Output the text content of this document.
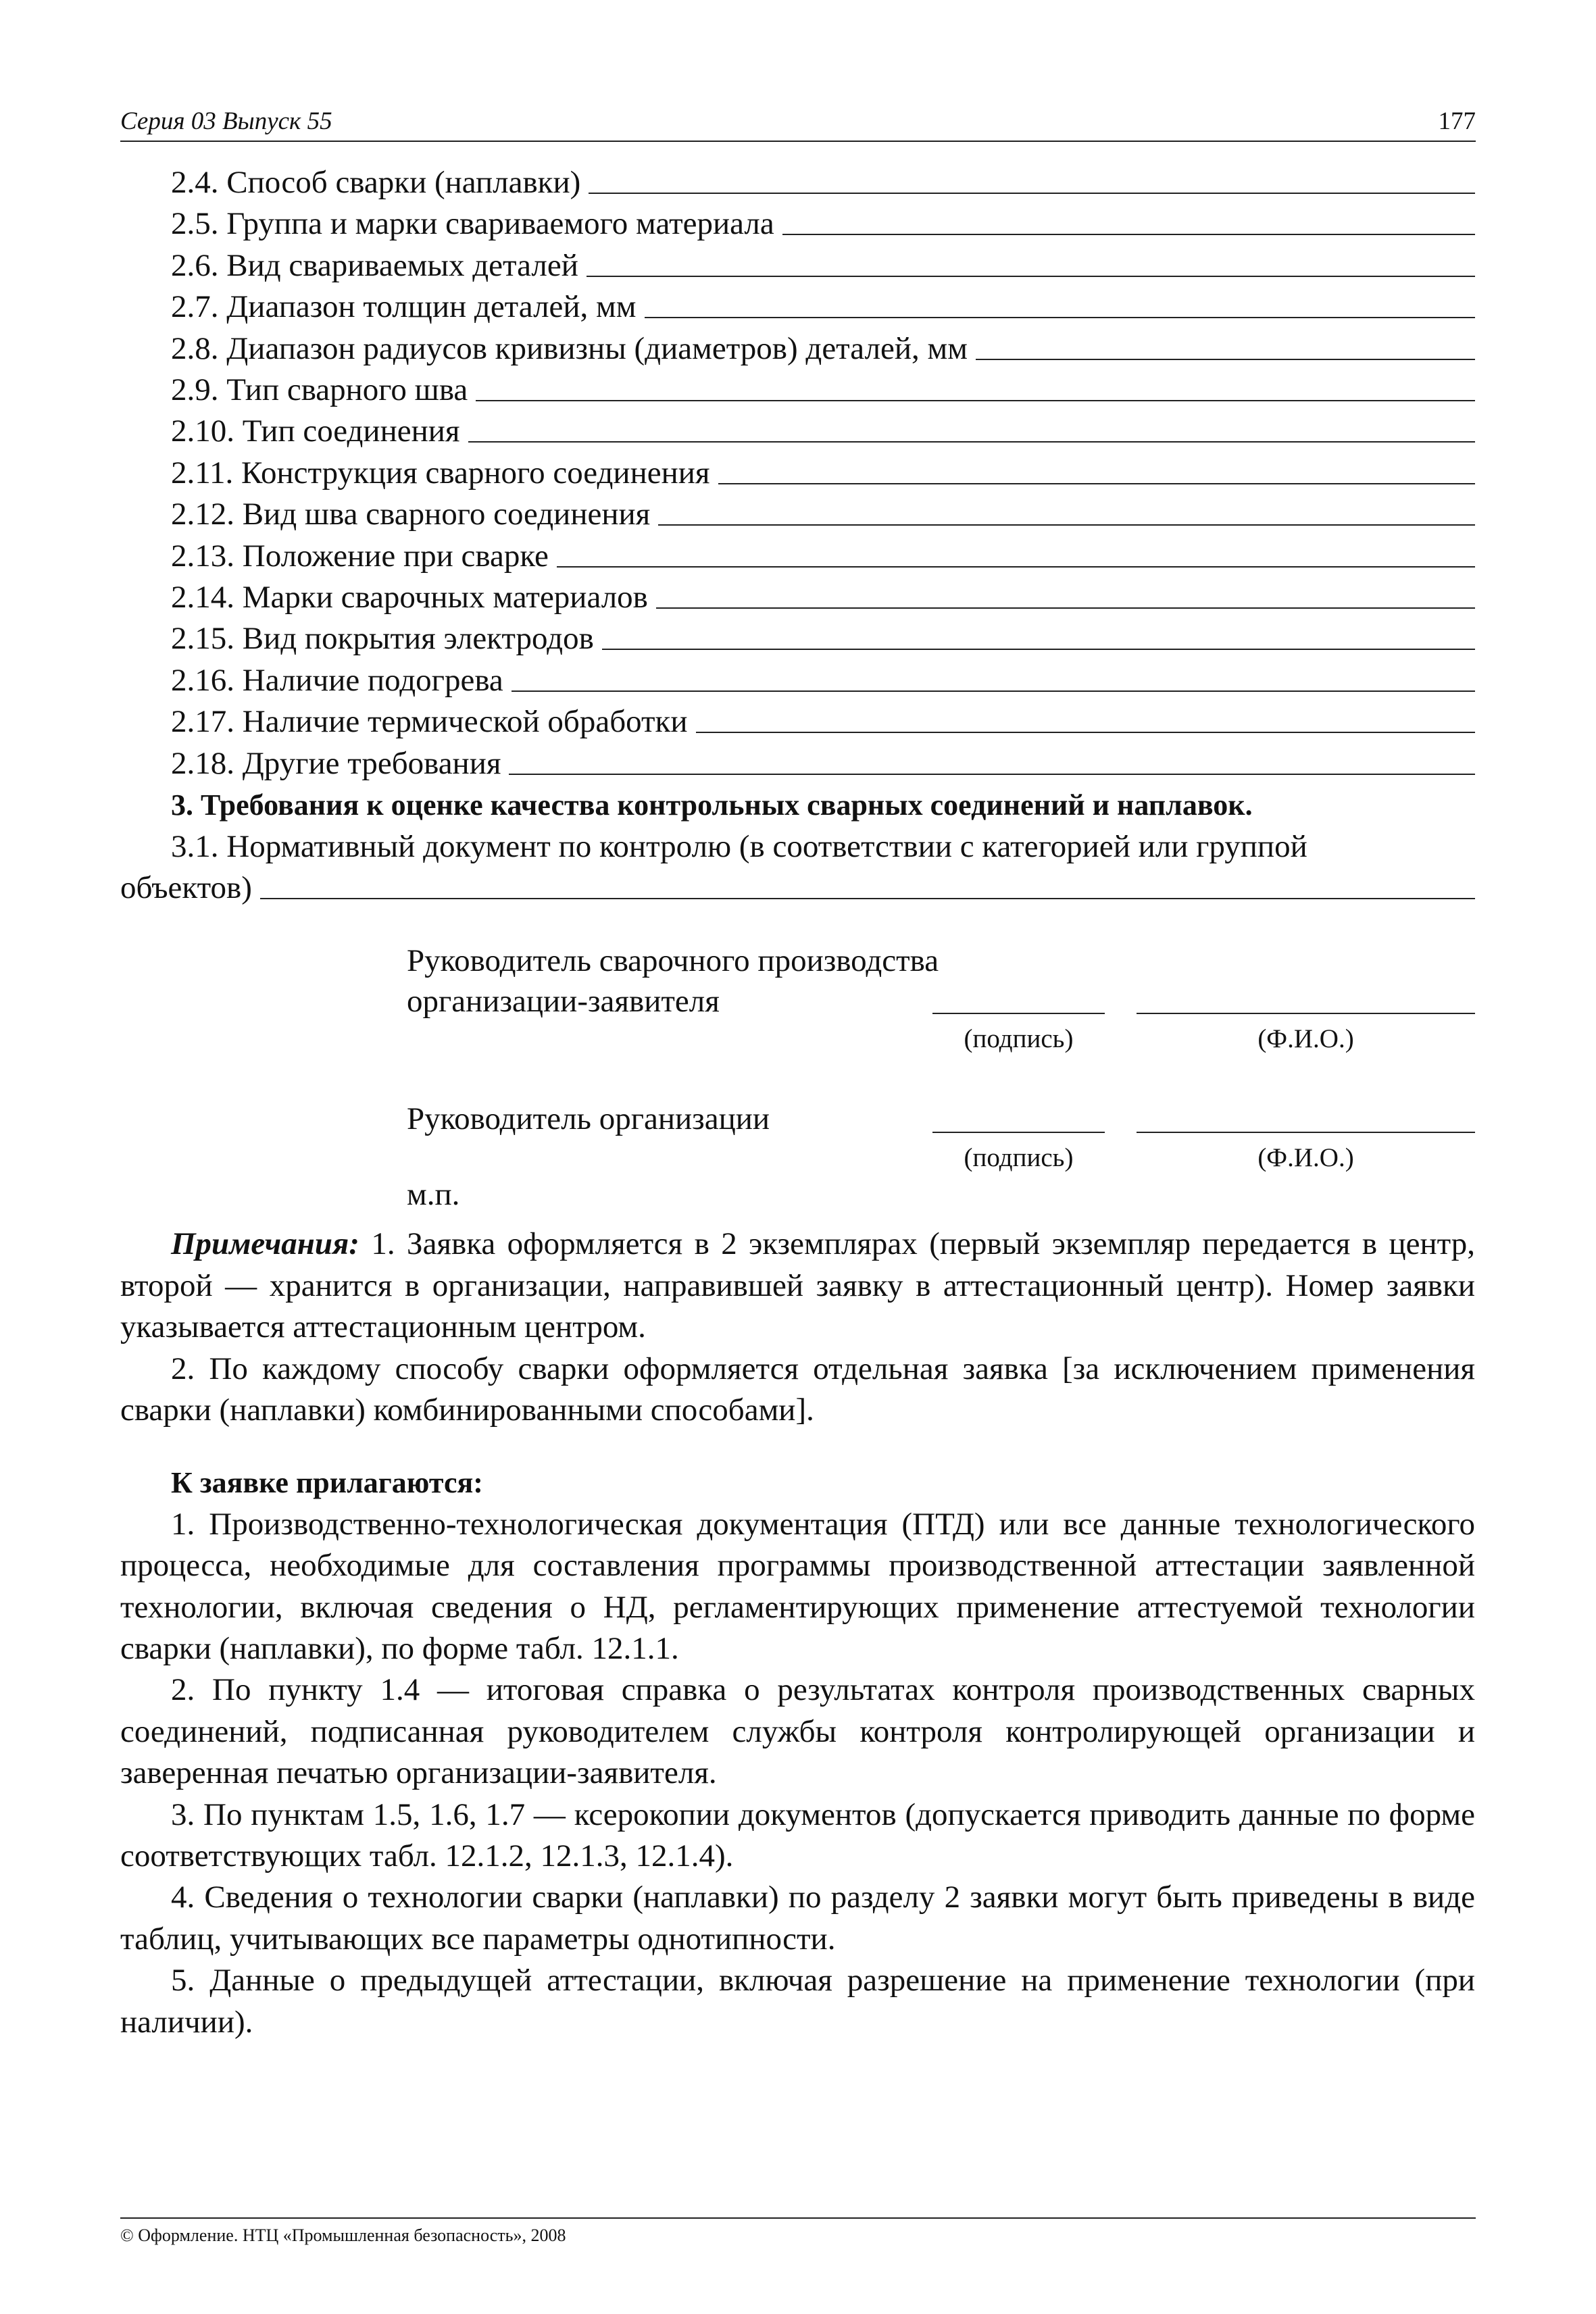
Серия 03 Выпуск 55	177
2.4. Способ сварки (наплавки)
2.5. Группа и марки свариваемого материала
2.6. Вид свариваемых деталей
2.7. Диапазон толщин деталей, мм
2.8. Диапазон радиусов кривизны (диаметров) деталей, мм
2.9. Тип сварного шва
2.10. Тип соединения
2.11. Конструкция сварного соединения
2.12. Вид шва сварного соединения
2.13. Положение при сварке
2.14. Марки сварочных материалов
2.15. Вид покрытия электродов
2.16. Наличие подогрева
2.17. Наличие термической обработки
2.18. Другие требования
3. Требования к оценке качества контрольных сварных соединений и наплавок.
3.1. Нормативный документ по контролю (в соответствии с категорией или группой
объектов)
Руководитель сварочного производства
организации-заявителя
(подпись)	(Ф.И.О.)
Руководитель организации
(подпись)	(Ф.И.О.)
м.п.

Примечания: 1. Заявка оформляется в 2 экземплярах (первый экземпляр передается в центр, второй — хранится в организации, направившей заявку в аттестационный центр). Номер заявки указывается аттестационным центром.

2. По каждому способу сварки оформляется отдельная заявка [за исключением применения сварки (наплавки) комбинированными способами].

К заявке прилагаются:

1. Производственно-технологическая документация (ПТД) или все данные технологического процесса, необходимые для составления программы производственной аттестации заявленной технологии, включая сведения о НД, регламентирующих применение аттестуемой технологии сварки (наплавки), по форме табл. 12.1.1.

2. По пункту 1.4 — итоговая справка о результатах контроля производственных сварных соединений, подписанная руководителем службы контроля контролирующей организации и заверенная печатью организации-заявителя.

3. По пунктам 1.5, 1.6, 1.7 — ксерокопии документов (допускается приводить данные по форме соответствующих табл. 12.1.2, 12.1.3, 12.1.4).

4. Сведения о технологии сварки (наплавки) по разделу 2 заявки могут быть приведены в виде таблиц, учитывающих все параметры однотипности.

5. Данные о предыдущей аттестации, включая разрешение на применение технологии (при наличии).

© Оформление. НТЦ «Промышленная безопасность», 2008
